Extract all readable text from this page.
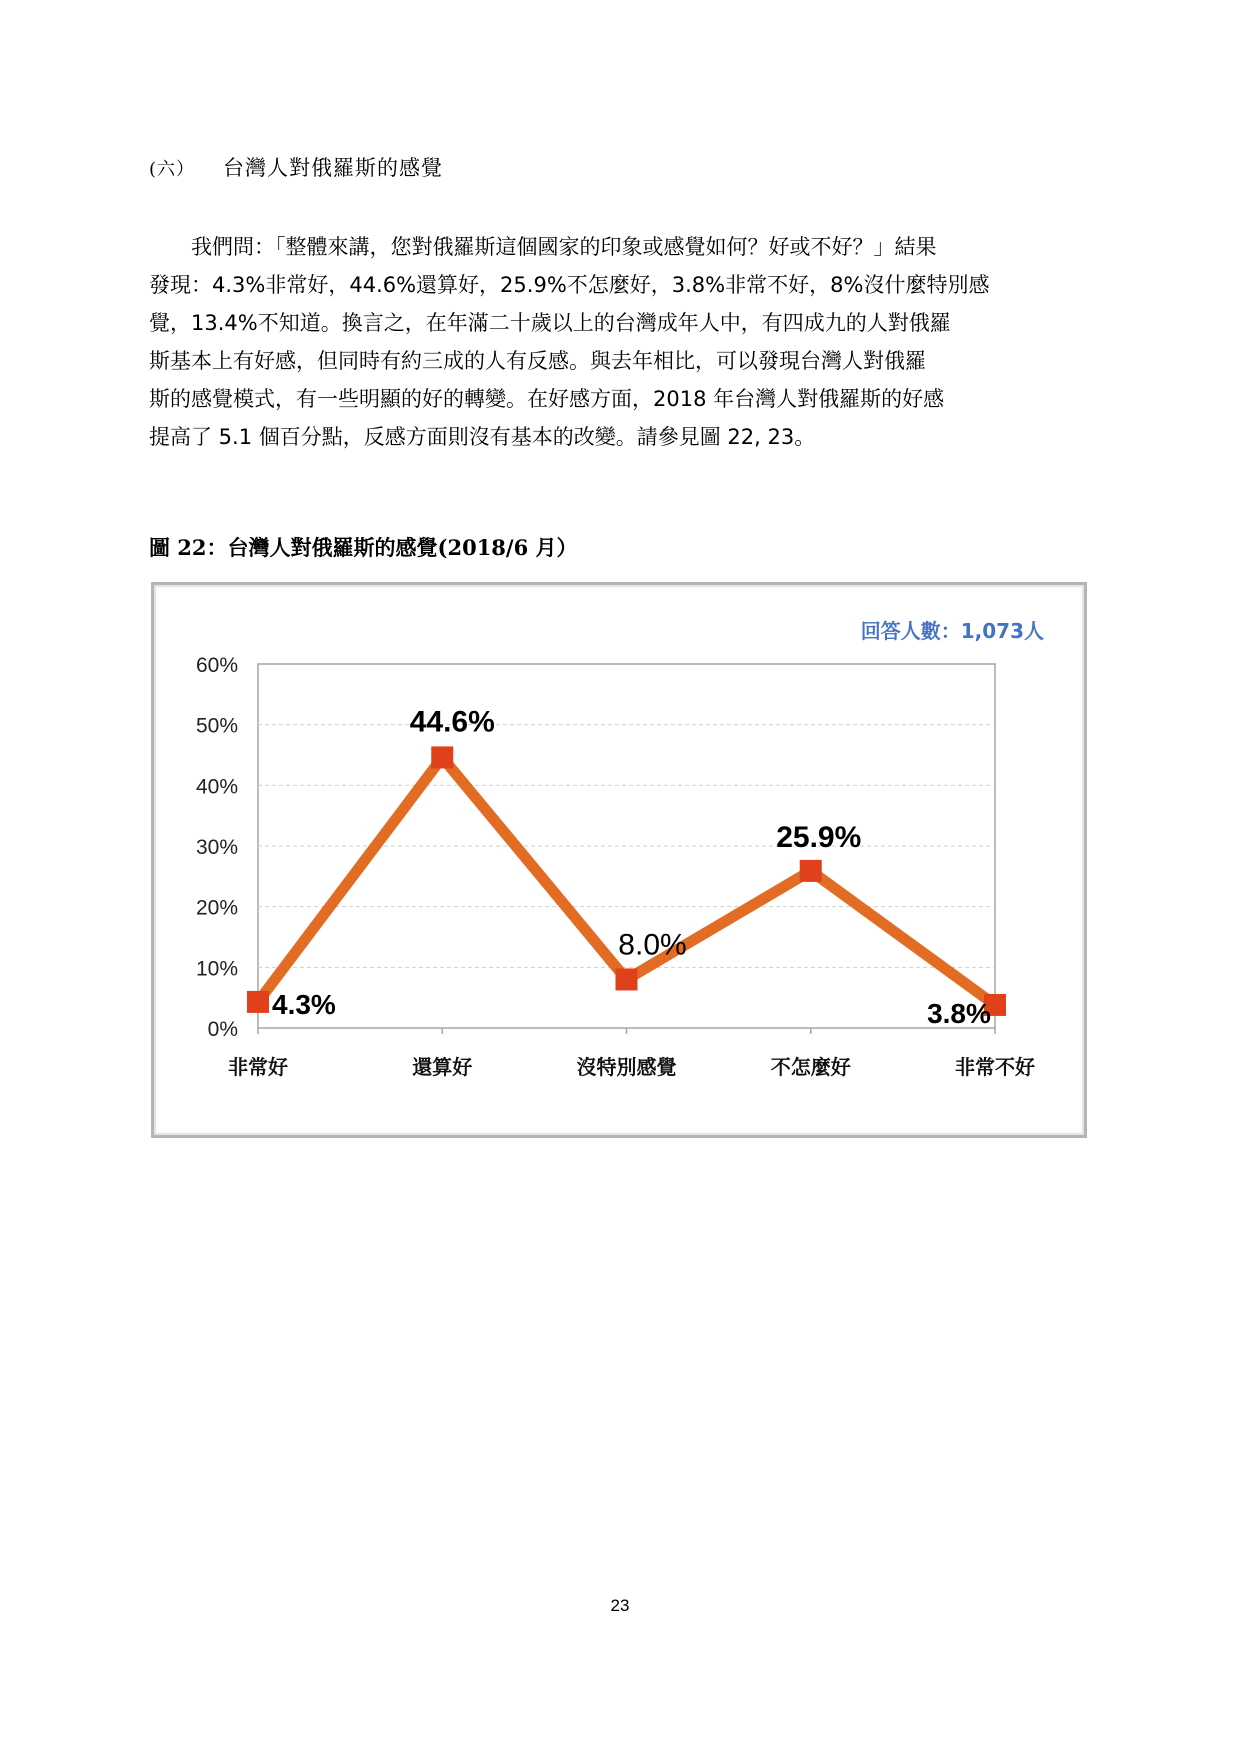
(六） 台灣人對俄羅斯的感覺

　　我們問：「整體來講，您對俄羅斯這個國家的印象或感覺如何？好或不好？」結果
發現：4.3%非常好，44.6%還算好，25.9%不怎麼好，3.8%非常不好，8%沒什麼特別感
覺，13.4%不知道。換言之，在年滿二十歲以上的台灣成年人中，有四成九的人對俄羅
斯基本上有好感，但同時有約三成的人有反感。與去年相比，可以發現台灣人對俄羅
斯的感覺模式，有一些明顯的好的轉變。在好感方面，2018 年台灣人對俄羅斯的好感
提高了 5.1 個百分點，反感方面則沒有基本的改變。請參見圖 22, 23。

圖 22：台灣人對俄羅斯的感覺(2018/6 月）
0%
10%
20%
30%
40%
50%
60%
非常好	還算好	沒特別感覺	不怎麼好	非常不好
4.3%
44.6%
8.0%
25.9%
3.8%
回答人數：1,073人
23
